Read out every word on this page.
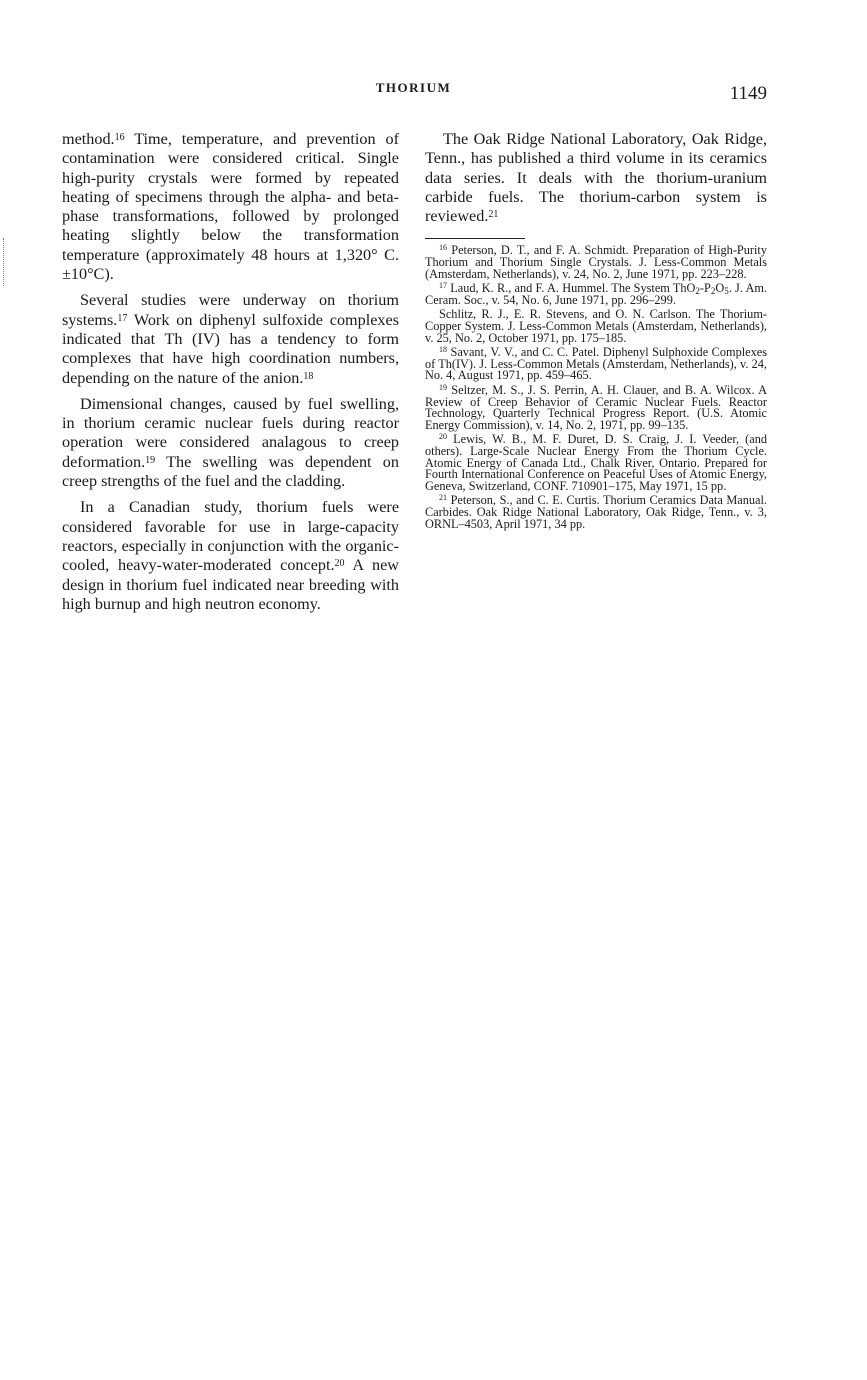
THORIUM	1149

method.$^{16}$ Time, temperature, and prevention of contamination were considered critical. Single high-purity crystals were formed by repeated heating of specimens through the alpha- and beta-phase transformations, followed by prolonged heating slightly below the transformation temperature (approximately 48 hours at 1,320° C. ±10°C).

Several studies were underway on thorium systems.$^{17}$ Work on diphenyl sulfoxide complexes indicated that Th (IV) has a tendency to form complexes that have high coordination numbers, depending on the nature of the anion.$^{18}$

Dimensional changes, caused by fuel swelling, in thorium ceramic nuclear fuels during reactor operation were considered analagous to creep deformation.$^{19}$ The swelling was dependent on creep strengths of the fuel and the cladding.

In a Canadian study, thorium fuels were considered favorable for use in large-capacity reactors, especially in conjunction with the organic-cooled, heavy-water-moderated concept.$^{20}$ A new design in thorium fuel indicated near breeding with high burnup and high neutron economy.

The Oak Ridge National Laboratory, Oak Ridge, Tenn., has published a third volume in its ceramics data series. It deals with the thorium-uranium carbide fuels. The thorium-carbon system is reviewed.$^{21}$

$^{16}$ Peterson, D. T., and F. A. Schmidt. Preparation of High-Purity Thorium and Thorium Single Crystals. J. Less-Common Metals (Amsterdam, Netherlands), v. 24, No. 2, June 1971, pp. 223–228.

$^{17}$ Laud, K. R., and F. A. Hummel. The System $ThO_2-P_2O_5$. J. Am. Ceram. Soc., v. 54, No. 6, June 1971, pp. 296–299.

Schlitz, R. J., E. R. Stevens, and O. N. Carlson. The Thorium-Copper System. J. Less-Common Metals (Amsterdam, Netherlands), v. 25, No. 2, October 1971, pp. 175–185.

$^{18}$ Savant, V. V., and C. C. Patel. Diphenyl Sulphoxide Complexes of Th(IV). J. Less-Common Metals (Amsterdam, Netherlands), v. 24, No. 4, August 1971, pp. 459–465.

$^{19}$ Seltzer, M. S., J. S. Perrin, A. H. Clauer, and B. A. Wilcox. A Review of Creep Behavior of Ceramic Nuclear Fuels. Reactor Technology, Quarterly Technical Progress Report. (U.S. Atomic Energy Commission), v. 14, No. 2, 1971, pp. 99–135.

$^{20}$ Lewis, W. B., M. F. Duret, D. S. Craig, J. I. Veeder, (and others). Large-Scale Nuclear Energy From the Thorium Cycle. Atomic Energy of Canada Ltd., Chalk River, Ontario. Prepared for Fourth International Conference on Peaceful Uses of Atomic Energy, Geneva, Switzerland, CONF. 710901–175, May 1971, 15 pp.

$^{21}$ Peterson, S., and C. E. Curtis. Thorium Ceramics Data Manual. Carbides. Oak Ridge National Laboratory, Oak Ridge, Tenn., v. 3, ORNL–4503, April 1971, 34 pp.
